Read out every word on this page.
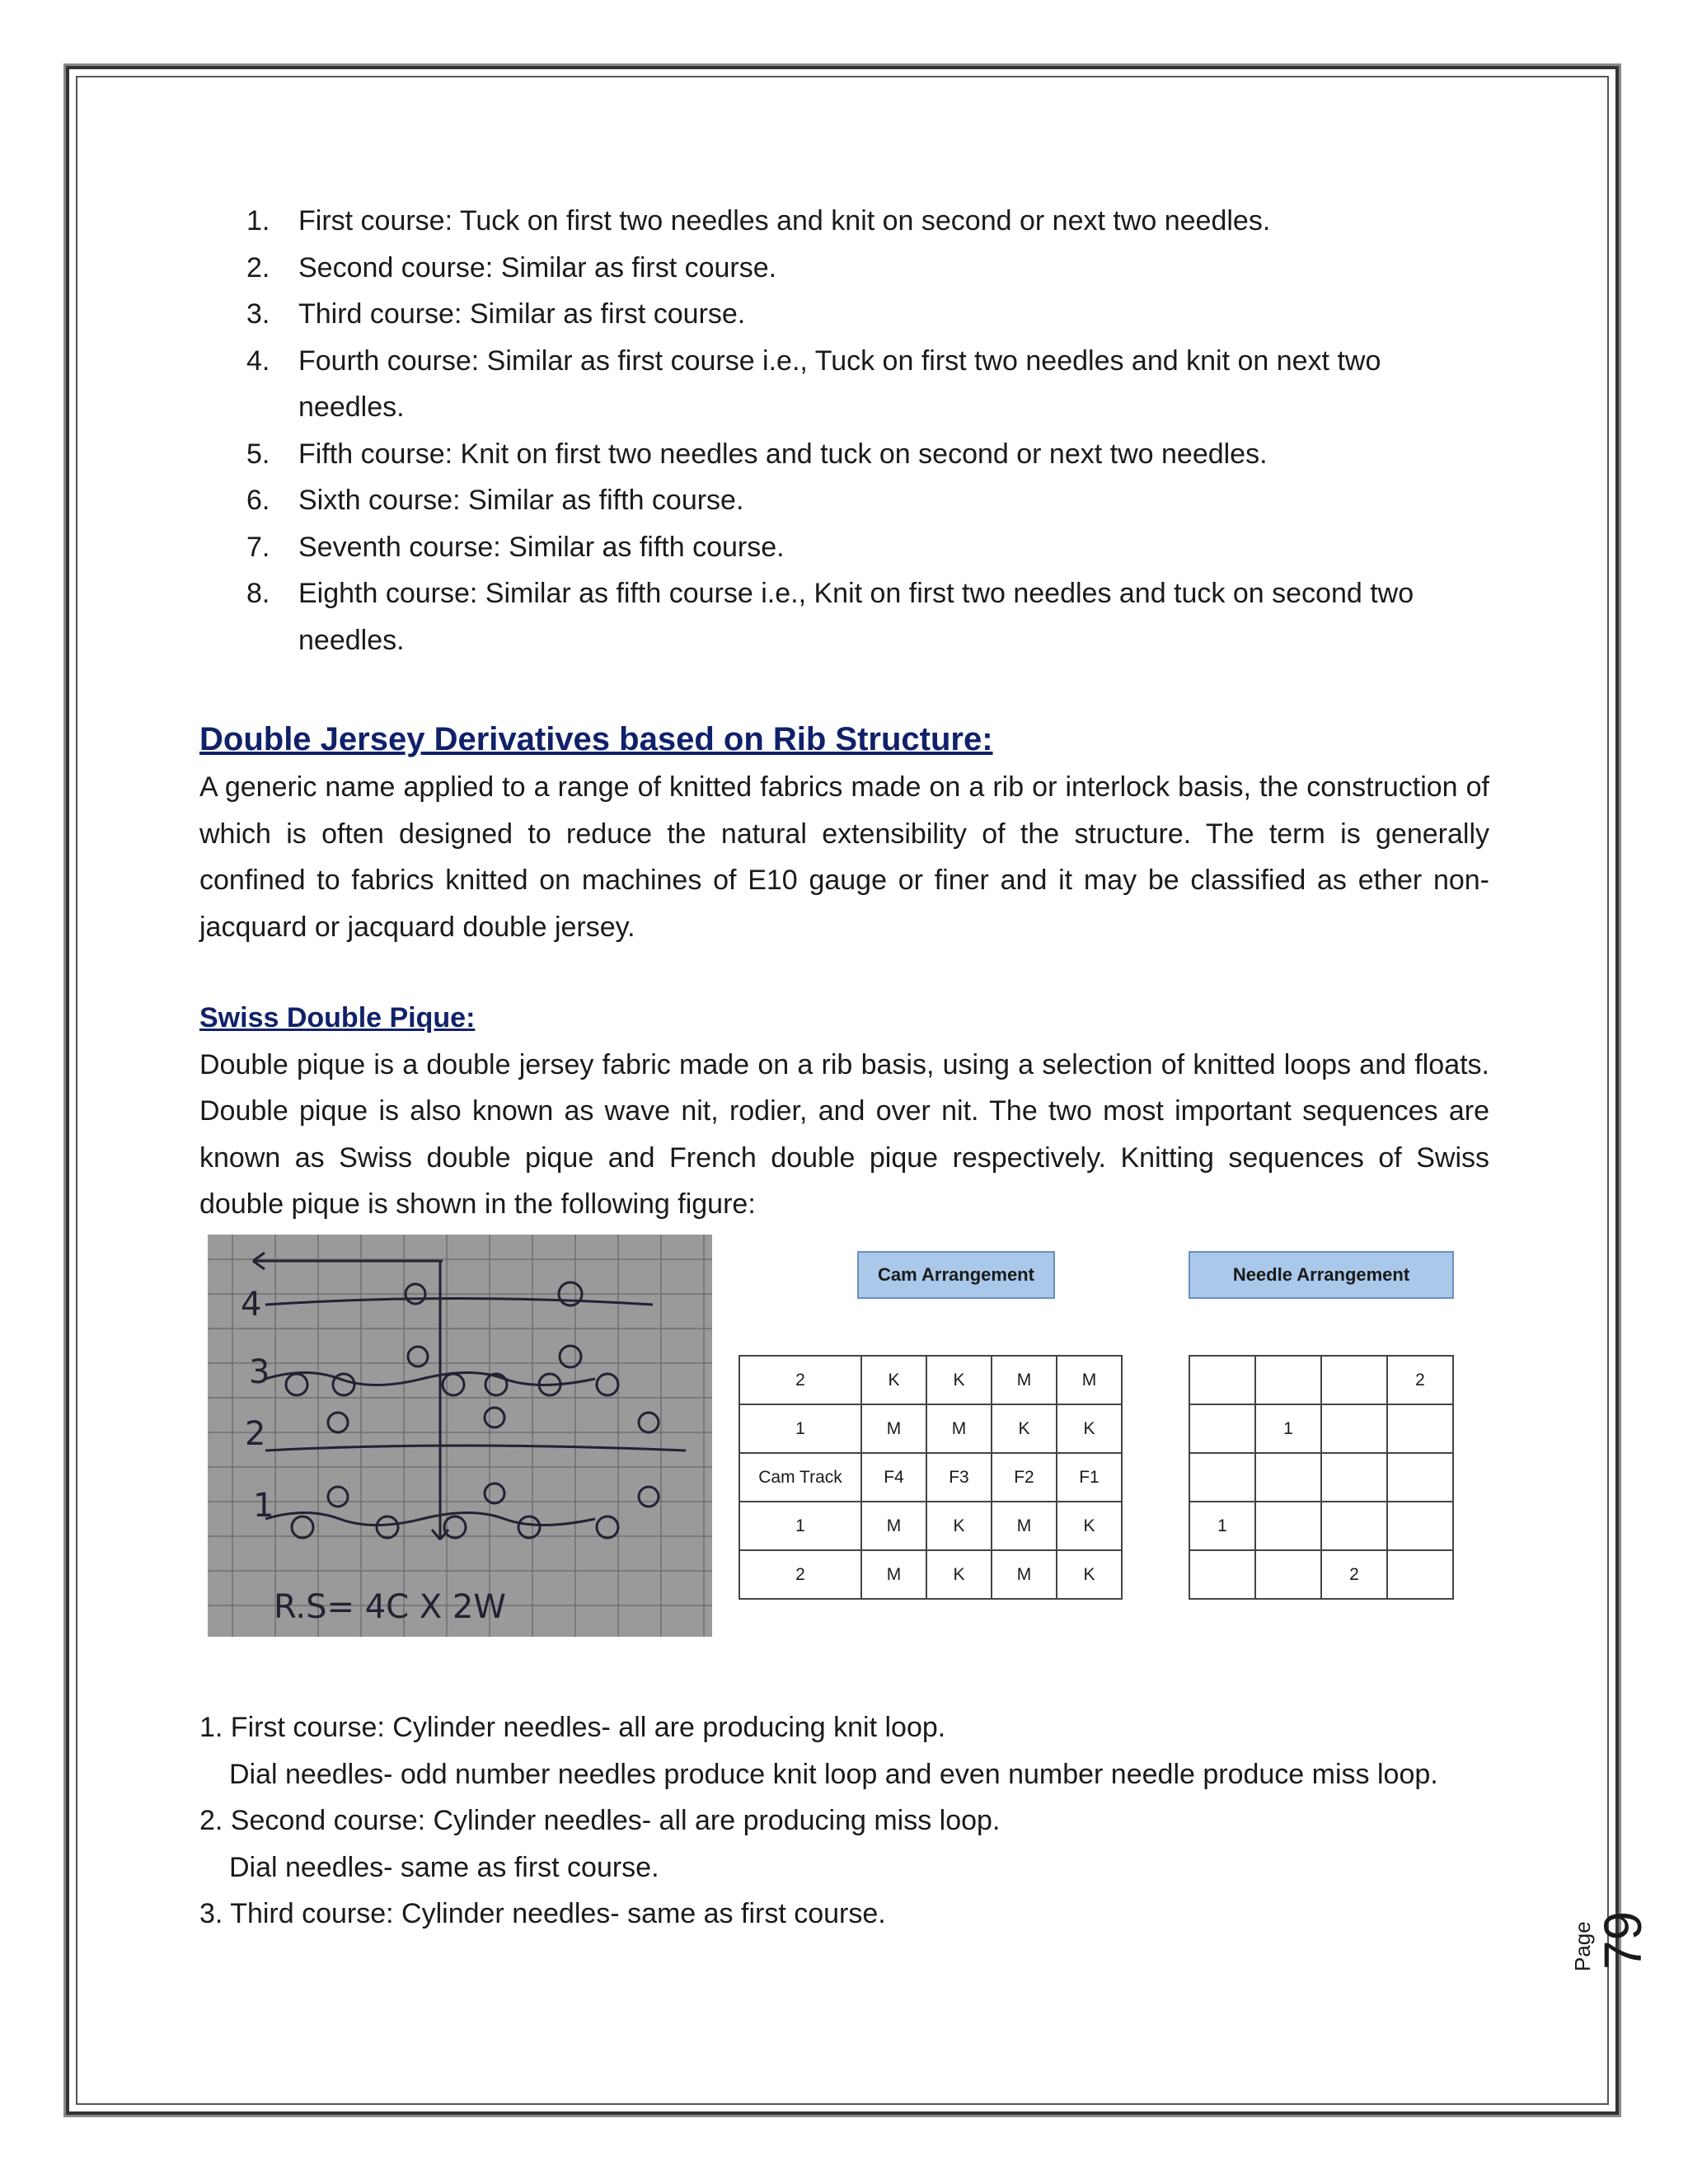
1. First course: Tuck on first two needles and knit on second or next two needles.
2. Second course: Similar as first course.
3. Third course: Similar as first course.
4. Fourth course: Similar as first course i.e., Tuck on first two needles and knit on next two needles.
5. Fifth course: Knit on first two needles and tuck on second or next two needles.
6. Sixth course: Similar as fifth course.
7. Seventh course: Similar as fifth course.
8. Eighth course: Similar as fifth course i.e., Knit on first two needles and tuck on second two needles.
Double Jersey Derivatives based on Rib Structure:

A generic name applied to a range of knitted fabrics made on a rib or interlock basis, the construction of which is often designed to reduce the natural extensibility of the structure. The term is generally confined to fabrics knitted on machines of E10 gauge or finer and it may be classified as ether non-jacquard or jacquard double jersey.

Swiss Double Pique:

Double pique is a double jersey fabric made on a rib basis, using a selection of knitted loops and floats. Double pique is also known as wave nit, rodier, and over nit. The two most important sequences are known as Swiss double pique and French double pique respectively. Knitting sequences of Swiss double pique is shown in the following figure:

4
3
2
1
R.S= 4C X 2W
Cam Arrangement	Needle Arrangement
2	K	K	M	M
1	M	M	K	K
Cam Track	F4	F3	F2	F1
1	M	K	M	K
2	M	K	M	K
			2
	1		

1			
		2	

1. First course: Cylinder needles- all are producing knit loop.

Dial needles- odd number needles produce knit loop and even number needle produce miss loop.

2. Second course: Cylinder needles- all are producing miss loop.

Dial needles- same as first course.

3. Third course: Cylinder needles- same as first course.

Page
79
